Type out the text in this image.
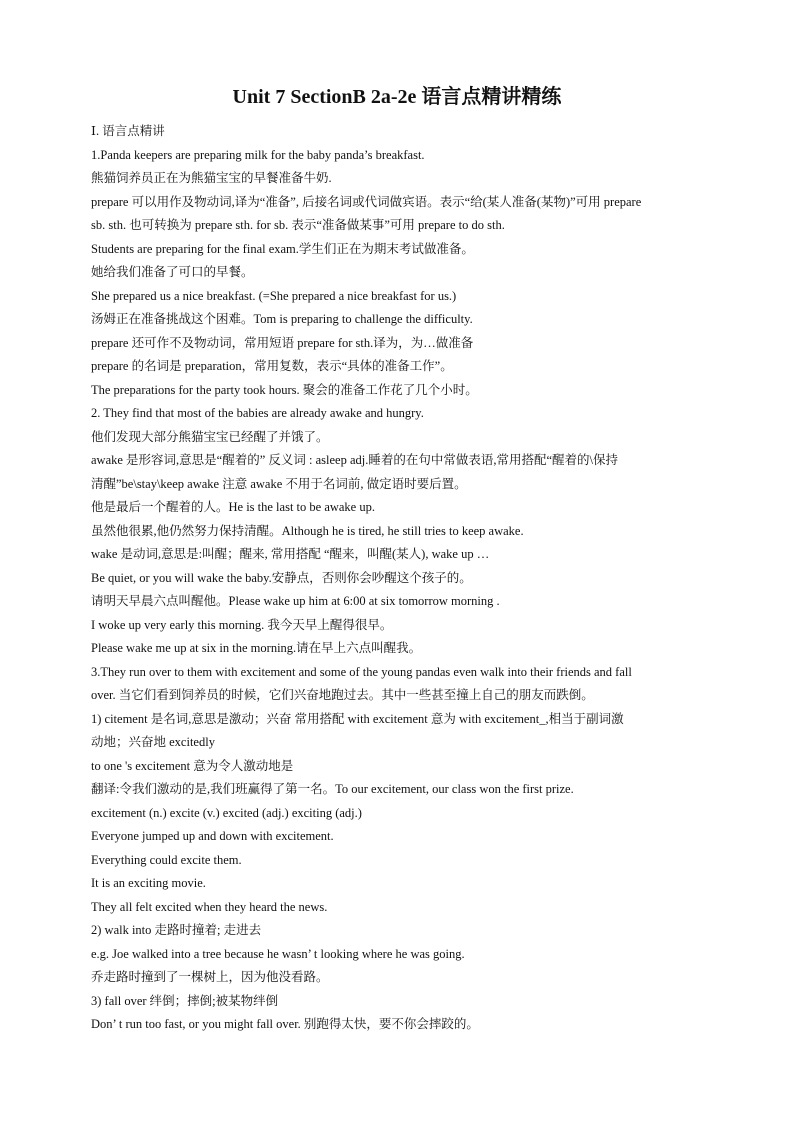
Unit 7 SectionB 2a-2e 语言点精讲精练
Ⅰ. 语言点精讲
1.Panda keepers are preparing milk for the baby panda’s breakfast.
熊猫饲养员正在为熊猫宝宝的早餐准备牛奶.
prepare 可以用作及物动词,译为“准备”, 后接名词或代词做宾语。表示“给(某人准备(某物)”可用 prepare
sb. sth. 也可转换为 prepare sth. for sb. 表示“准备做某事”可用 prepare to do sth.
Students are preparing for the final exam.学生们正在为期末考试做准备。
她给我们准备了可口的早餐。
She prepared us a nice breakfast. (=She prepared a nice breakfast for us.)
汤姆正在准备挑战这个困难。Tom is preparing to challenge the difficulty.
prepare 还可作不及物动词，常用短语 prepare for sth.译为，为…做准备
prepare 的名词是 preparation，常用复数，表示“具体的准备工作”。
The preparations for the party took hours. 聚会的准备工作花了几个小时。
2. They find that most of the babies are already awake and hungry.
他们发现大部分熊猫宝宝已经醒了并饿了。
awake 是形容词,意思是“醒着的” 反义词 : asleep adj.睡着的在句中常做表语,常用搭配“醒着的\保持
清醒”be\stay\keep awake 注意 awake 不用于名词前, 做定语时要后置。
他是最后一个醒着的人。He is the last to be awake up.
虽然他很累,他仍然努力保持清醒。Although he is tired, he still tries to keep awake.
wake 是动词,意思是:叫醒；醒来, 常用搭配 “醒来，叫醒(某人), wake up …
Be quiet, or you will wake the baby.安静点，否则你会吵醒这个孩子的。
请明天早晨六点叫醒他。Please wake up him at 6:00 at six tomorrow morning .
I woke up very early this morning. 我今天早上醒得很早。
Please wake me up at six in the morning.请在早上六点叫醒我。
3.They run over to them with excitement and some of the young pandas even walk into their friends and fall
over. 当它们看到饲养员的时候，它们兴奋地跑过去。其中一些甚至撞上自己的朋友而跌倒。
1) citement 是名词,意思是激动；兴奋 常用搭配 with excitement 意为 with excitement_,相当于副词激
动地；兴奋地 excitedly
to one 's excitement 意为令人激动地是
翻译:令我们激动的是,我们班赢得了第一名。To our excitement, our class won the first prize.
excitement (n.) excite (v.) excited (adj.) exciting (adj.)
Everyone jumped up and down with excitement.
Everything could excite them.
It is an exciting movie.
They all felt excited when they heard the news.
2) walk into 走路时撞着; 走进去
e.g. Joe walked into a tree because he wasn’ t looking where he was going.
乔走路时撞到了一棵树上，因为他没看路。
3) fall over 绊倒；摔倒;被某物绊倒
Don’ t run too fast, or you might fall over. 别跑得太快，要不你会摔跤的。
